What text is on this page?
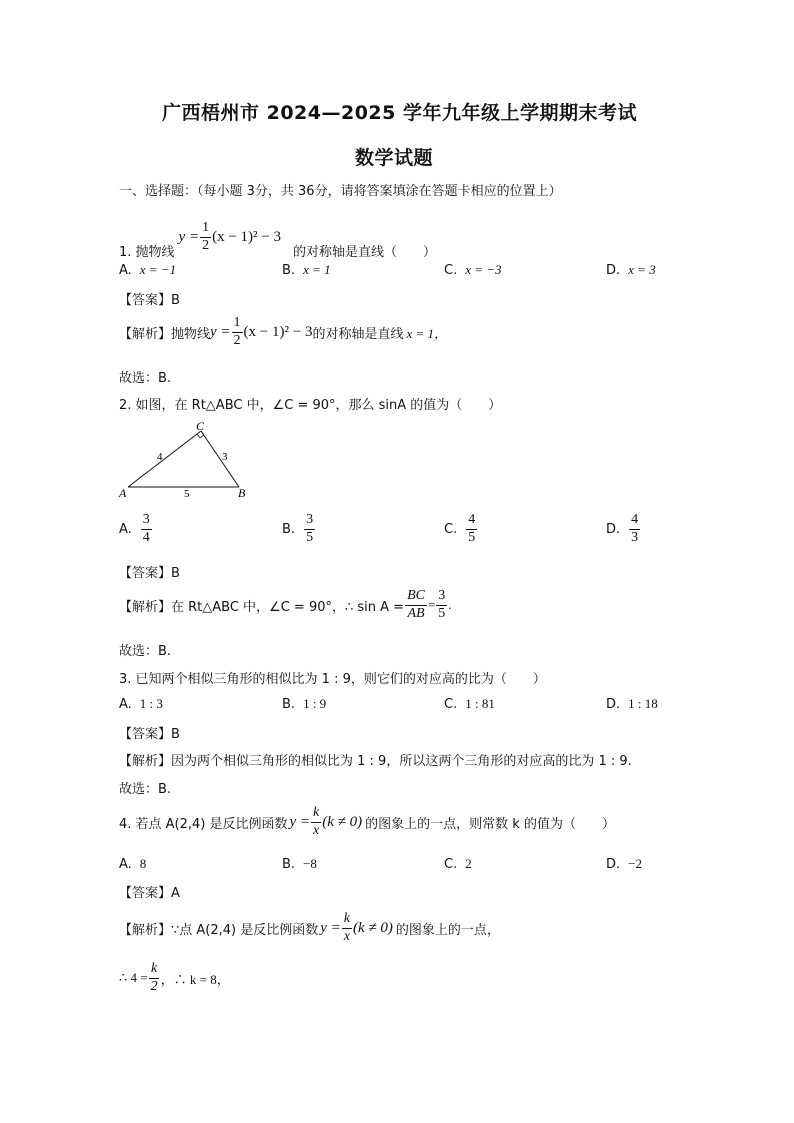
广西梧州市 2024—2025 学年九年级上学期期末考试
数学试题
一、选择题：（每小题 3分，共 36分，请将答案填涂在答题卡相应的位置上）
1. 抛物线
$y = \frac{1}{2} (x - 1)^2 - 3$
的对称轴是直线（　　）
A. x = −1	B. x = 1	C. x = −3	D. x = 3
【答案】B
【解析】抛物线 $y = \frac{1}{2} (x - 1)^2 - 3$ 的对称轴是直线 x = 1，
故选：B.
2. 如图，在 Rt△ABC 中，∠C = 90°，那么 sinA 的值为（　　）
A	B
C
4	3
5
A. $\frac{3}{4}$	B. $\frac{3}{5}$	C. $\frac{4}{5}$	D. $\frac{4}{3}$
【答案】B
【解析】在 Rt△ABC 中，∠C = 90°，∴ $\sin A = \frac{BC}{AB} = \frac{3}{5}$ .
故选：B.
3. 已知两个相似三角形的相似比为 1 : 9，则它们的对应高的比为（　　）
A. 1 : 3	B. 1 : 9	C. 1 : 81	D. 1 : 18
【答案】B
【解析】因为两个相似三角形的相似比为 1 : 9，所以这两个三角形的对应高的比为 1 : 9.
故选：B.
4. 若点 A(2,4) 是反比例函数 $y = \frac{k}{x} (k \ne 0)$ 的图象上的一点，则常数 k 的值为（　　）
A. 8	B. −8	C. 2	D. −2
【答案】A
【解析】∵点 A(2,4) 是反比例函数 $y = \frac{k}{x} (k \ne 0)$ 的图象上的一点，
∴ $4 = \frac{k}{2}$ ，∴ k = 8，
